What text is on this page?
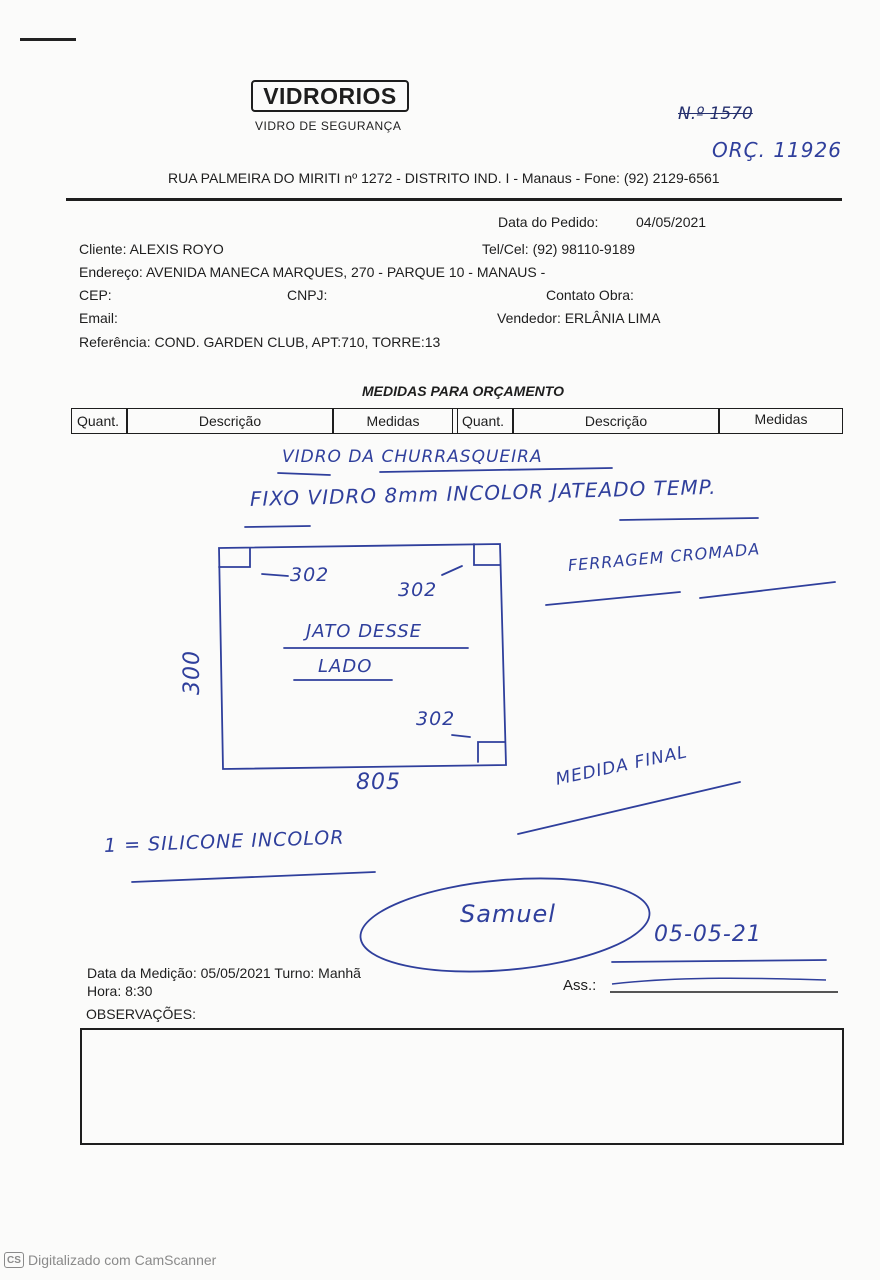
VIDRORIOS
VIDRO DE SEGURANÇA
N.º 1570
ORÇ. 11926
RUA PALMEIRA DO MIRITI nº 1272 - DISTRITO IND. I - Manaus - Fone: (92) 2129-6561
Data do Pedido:	04/05/2021
Cliente: ALEXIS ROYO	Tel/Cel: (92) 98110-9189
Endereço: AVENIDA MANECA MARQUES, 270 - PARQUE 10 - MANAUS -
CEP:	CNPJ:	Contato Obra:
Email:	Vendedor: ERLÂNIA LIMA
Referência: COND. GARDEN CLUB, APT:710, TORRE:13
MEDIDAS PARA ORÇAMENTO
Quant.	Descrição	Medidas	Quant.	Descrição	Medidas
VIDRO DA CHURRASQUEIRA
FIXO VIDRO 8mm INCOLOR JATEADO TEMP.
FERRAGEM CROMADA
302
302
JATO DESSE
LADO
302
300
805	MEDIDA FINAL
1 = SILICONE INCOLOR
Samuel
05-05-21
Data da Medição: 05/05/2021 Turno: Manhã
Hora: 8:30	Ass.:
OBSERVAÇÕES:
CS Digitalizado com CamScanner
